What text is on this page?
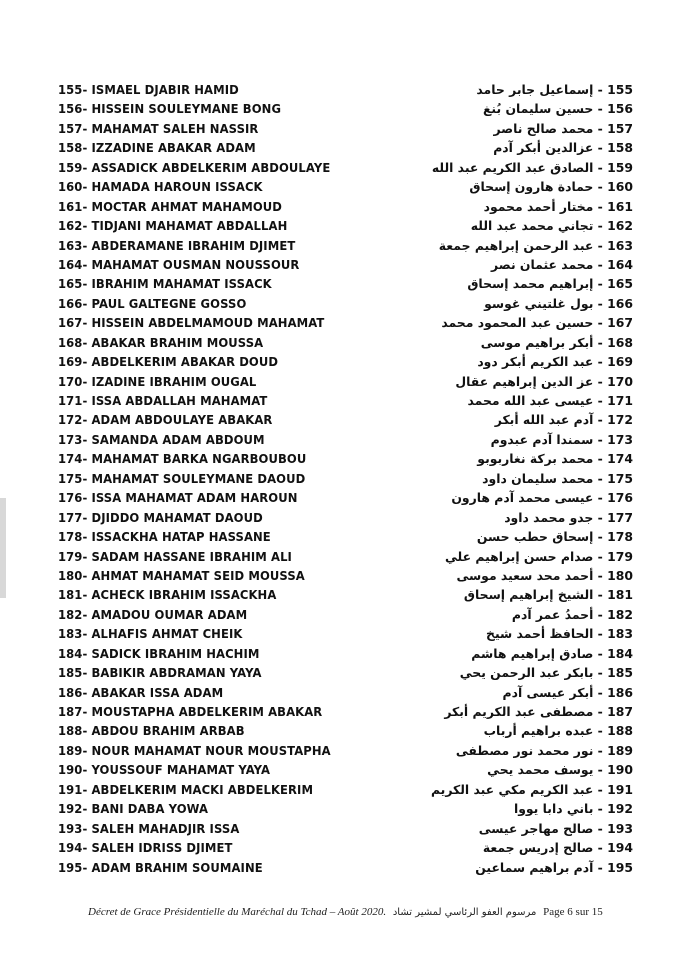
155- ISMAEL DJABIR HAMID	155 - إسماعيل جابر حامد
156- HISSEIN SOULEYMANE BONG	156 - حسين سليمان بُنغ
157- MAHAMAT SALEH NASSIR	157 - محمد صالح ناصر
158- IZZADINE ABAKAR ADAM	158 - عزالدين أبكر آدم
159- ASSADICK ABDELKERIM ABDOULAYE	159 - الصادق عبد الكريم عبد الله
160- HAMADA HAROUN ISSACK	160 - حمادة هارون إسحاق
161- MOCTAR AHMAT MAHAMOUD	161 - مختار أحمد محمود
162- TIDJANI MAHAMAT ABDALLAH	162 - تجاني محمد عبد الله
163- ABDERAMANE IBRAHIM DJIMET	163 - عبد الرحمن إبراهيم جمعة
164- MAHAMAT OUSMAN NOUSSOUR	164 - محمد عثمان نصر
165- IBRAHIM MAHAMAT ISSACK	165 - إبراهيم محمد إسحاق
166- PAUL GALTEGNE GOSSO	166 - بول غلتيني غوسو
167- HISSEIN ABDELMAMOUD MAHAMAT	167 - حسين عبد المحمود محمد
168- ABAKAR BRAHIM MOUSSA	168 - أبكر براهيم موسى
169- ABDELKERIM ABAKAR DOUD	169 - عبد الكريم أبكر دود
170- IZADINE IBRAHIM OUGAL	170 - عز الدين إبراهيم عقال
171- ISSA ABDALLAH MAHAMAT	171 - عيسى عبد الله محمد
172- ADAM ABDOULAYE ABAKAR	172 - آدم عبد الله أبكر
173- SAMANDA ADAM ABDOUM	173 - سمندا آدم عبدوم
174- MAHAMAT BARKA NGARBOUBOU	174 - محمد بركة نغاربوبو
175- MAHAMAT SOULEYMANE DAOUD	175 - محمد سليمان داود
176- ISSA MAHAMAT ADAM HAROUN	176 - عيسى محمد آدم هارون
177- DJIDDO MAHAMAT DAOUD	177 - جدو محمد داود
178- ISSACKHA HATAP HASSANE	178 - إسحاق حطب حسن
179- SADAM HASSANE IBRAHIM ALI	179 - صدام حسن إبراهيم علي
180- AHMAT MAHAMAT SEID MOUSSA	180 - أحمد محد سعيد موسى
181- ACHECK IBRAHIM ISSACKHA	181 - الشيخ إبراهيم إسحاق
182- AMADOU OUMAR ADAM	182 - أحمدُ عمر آدم
183- ALHAFIS AHMAT CHEIK	183 - الحافظ أحمد شيخ
184- SADICK IBRAHIM HACHIM	184 - صادق إبراهيم هاشم
185- BABIKIR ABDRAMAN YAYA	185 - بابكر عبد الرحمن يحي
186- ABAKAR ISSA ADAM	186 - أبكر عيسى آدم
187- MOUSTAPHA ABDELKERIM ABAKAR	187 - مصطفى عبد الكريم أبكر
188- ABDOU BRAHIM ARBAB	188 - عبده براهيم أرباب
189- NOUR MAHAMAT NOUR MOUSTAPHA	189 - نور محمد نور مصطفى
190- YOUSSOUF MAHAMAT YAYA	190 - يوسف محمد يحي
191- ABDELKERIM MACKI ABDELKERIM	191 - عبد الكريم مكي عبد الكريم
192- BANI DABA YOWA	192 - باني دابا يووا
193- SALEH MAHADJIR ISSA	193 - صالح مهاجر عيسى
194- SALEH IDRISS DJIMET	194 - صالح إدريس جمعة
195- ADAM BRAHIM SOUMAINE	195 - آدم براهيم سماعين
Décret de Grace Présidentielle du Maréchal du Tchad – Août 2020. مرسوم العفو الرئاسي لمشير تشاد Page 6 sur 15
